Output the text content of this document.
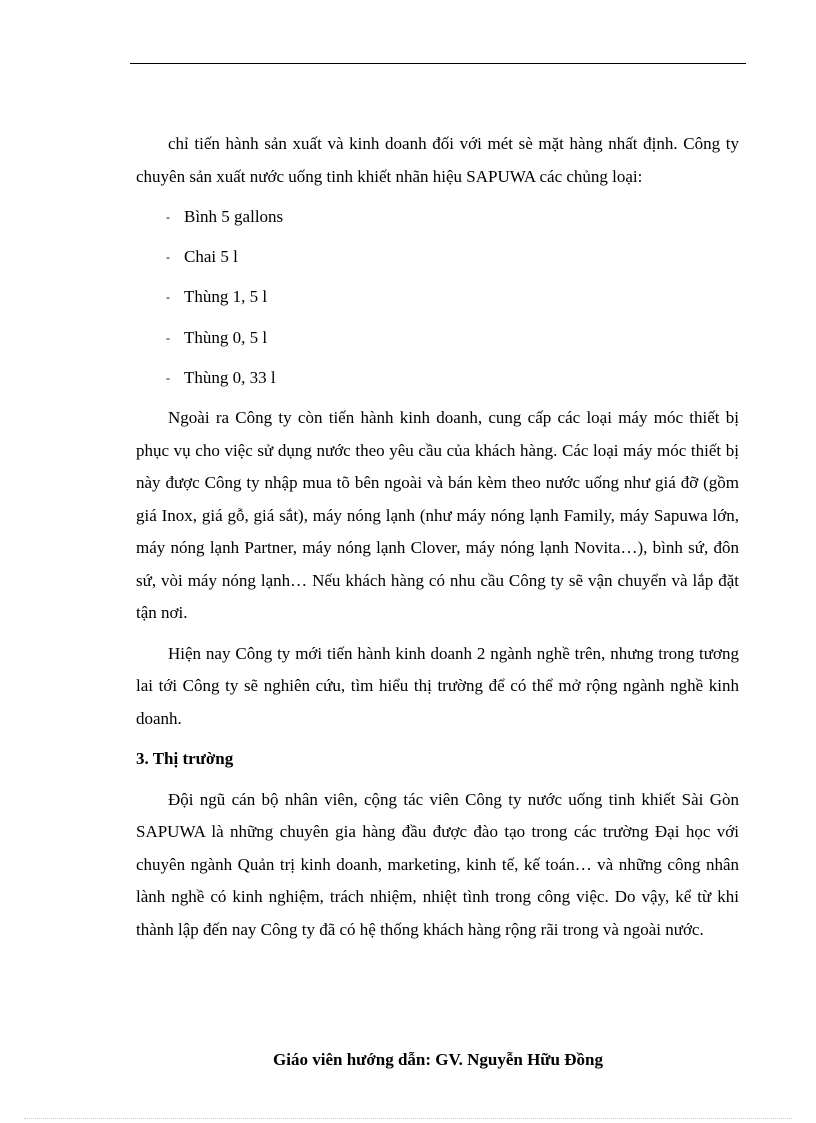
chỉ tiến hành sản xuất và kinh doanh đối với mét sè mặt hàng nhất định. Công ty chuyên sản xuất nước uống tinh khiết nhãn hiệu SAPUWA các chủng loại:

- Bình 5 gallons
- Chai 5 l
- Thùng 1, 5 l
- Thùng 0, 5 l
- Thùng 0, 33 l

Ngoài ra Công ty còn tiến hành kinh doanh, cung cấp các loại máy móc thiết bị phục vụ cho việc sử dụng nước theo yêu cầu của khách hàng. Các loại máy móc thiết bị này được Công ty nhập mua tõ bên ngoài và bán kèm theo nước uống như giá đỡ (gồm giá Inox, giá gỗ, giá sắt), máy nóng lạnh (như máy nóng lạnh Family, máy Sapuwa lớn, máy nóng lạnh Partner, máy nóng lạnh Clover, máy nóng lạnh Novita…), bình sứ, đôn sứ, vòi máy nóng lạnh… Nếu khách hàng có nhu cầu Công ty sẽ vận chuyển và lắp đặt tận nơi.

Hiện nay Công ty mới tiến hành kinh doanh 2 ngành nghề trên, nhưng trong tương lai tới Công ty sẽ nghiên cứu, tìm hiểu thị trường để có thể mở rộng ngành nghề kinh doanh.

3. Thị trường

Đội ngũ cán bộ nhân viên, cộng tác viên Công ty nước uống tinh khiết Sài Gòn SAPUWA là những chuyên gia hàng đầu được đào tạo trong các trường Đại học với chuyên ngành Quản trị kinh doanh, marketing, kinh tế, kế toán… và những công nhân lành nghề có kinh nghiệm, trách nhiệm, nhiệt tình trong công việc. Do vậy, kể từ khi thành lập đến nay Công ty đã có hệ thống khách hàng rộng rãi trong và ngoài nước.

Giáo viên hướng dẫn: GV. Nguyễn Hữu Đồng
